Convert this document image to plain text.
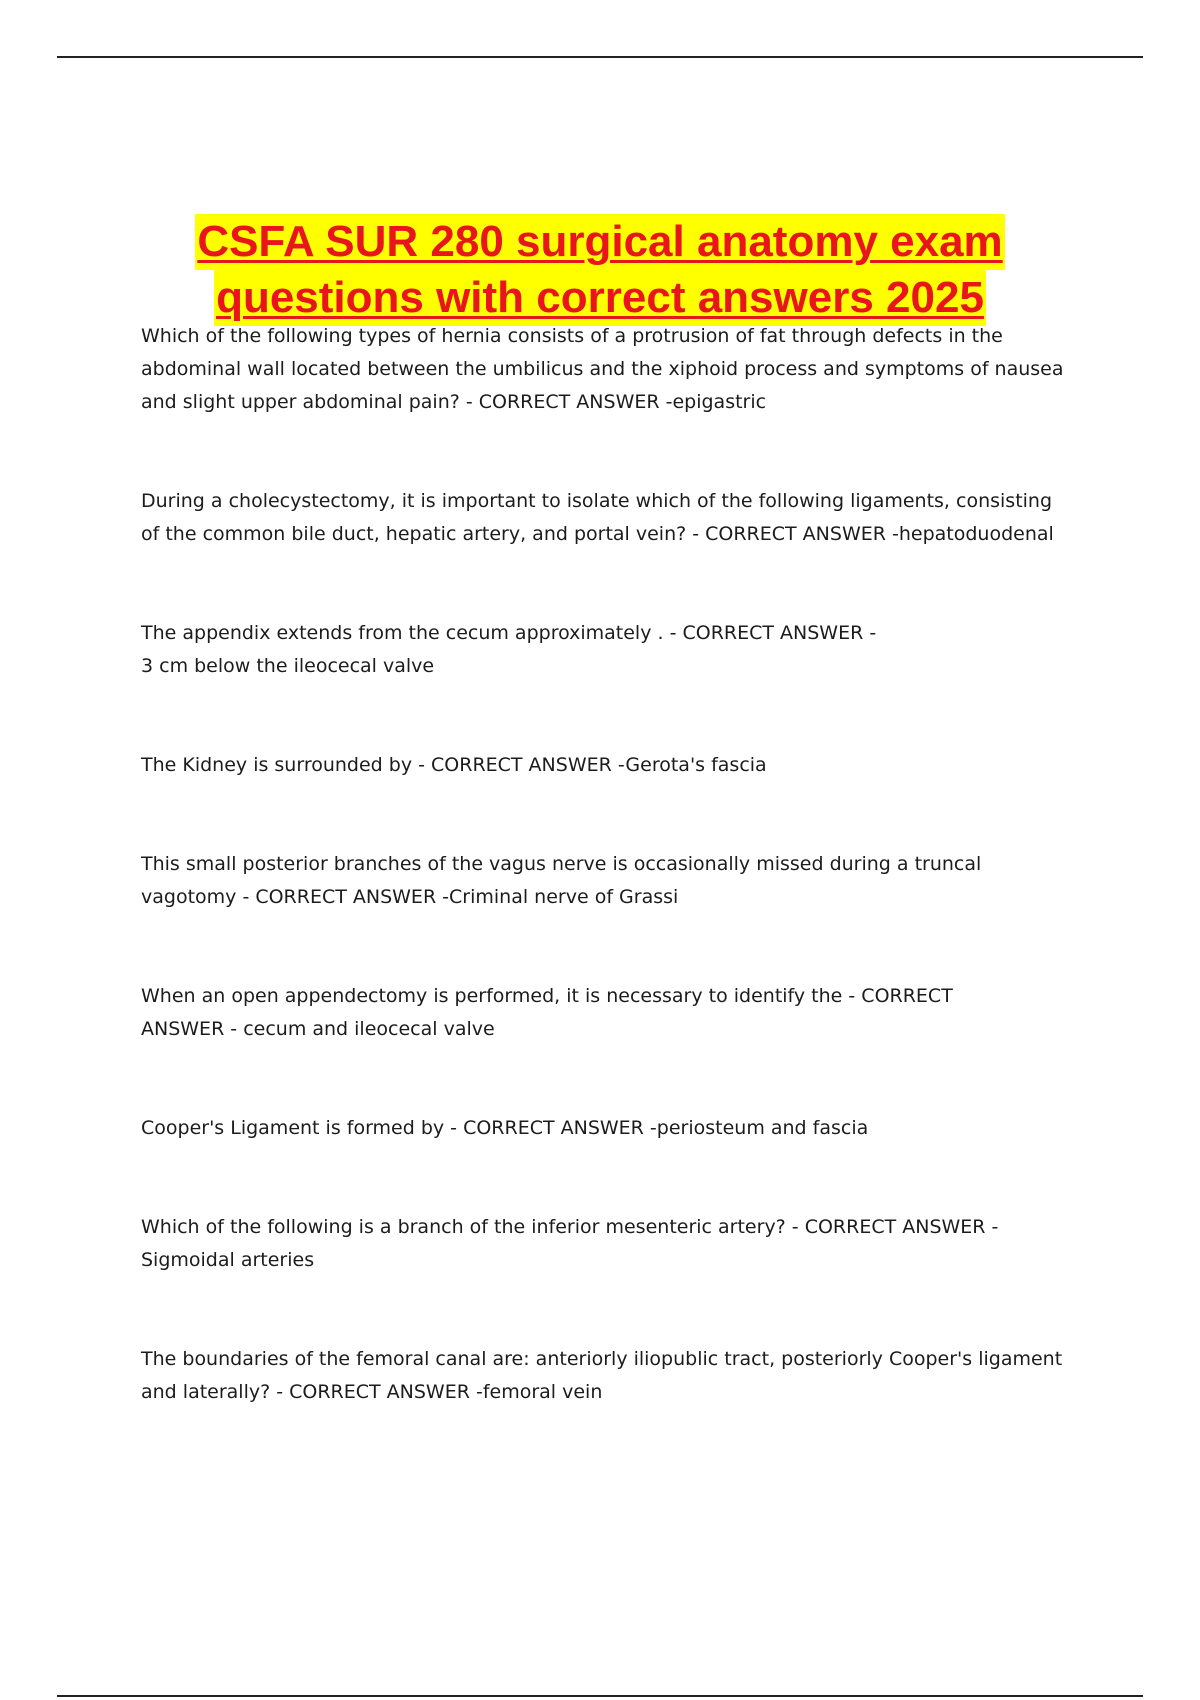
CSFA SUR 280 surgical anatomy exam
questions with correct answers 2025

Which of the following types of hernia consists of a protrusion of fat through defects in the abdominal wall located between the umbilicus and the xiphoid process and symptoms of nausea and slight upper abdominal pain? - CORRECT ANSWER -epigastric

During a cholecystectomy, it is important to isolate which of the following ligaments, consisting of the common bile duct, hepatic artery, and portal vein? - CORRECT ANSWER -hepatoduodenal

The appendix extends from the cecum approximately . - CORRECT ANSWER - 3 cm below the ileocecal valve

The Kidney is surrounded by - CORRECT ANSWER -Gerota's fascia

This small posterior branches of the vagus nerve is occasionally missed during a truncal vagotomy - CORRECT ANSWER -Criminal nerve of Grassi

When an open appendectomy is performed, it is necessary to identify the - CORRECT ANSWER - cecum and ileocecal valve

Cooper's Ligament is formed by - CORRECT ANSWER -periosteum and fascia

Which of the following is a branch of the inferior mesenteric artery? - CORRECT ANSWER - Sigmoidal arteries

The boundaries of the femoral canal are: anteriorly iliopublic tract, posteriorly Cooper's ligament and laterally? - CORRECT ANSWER -femoral vein
